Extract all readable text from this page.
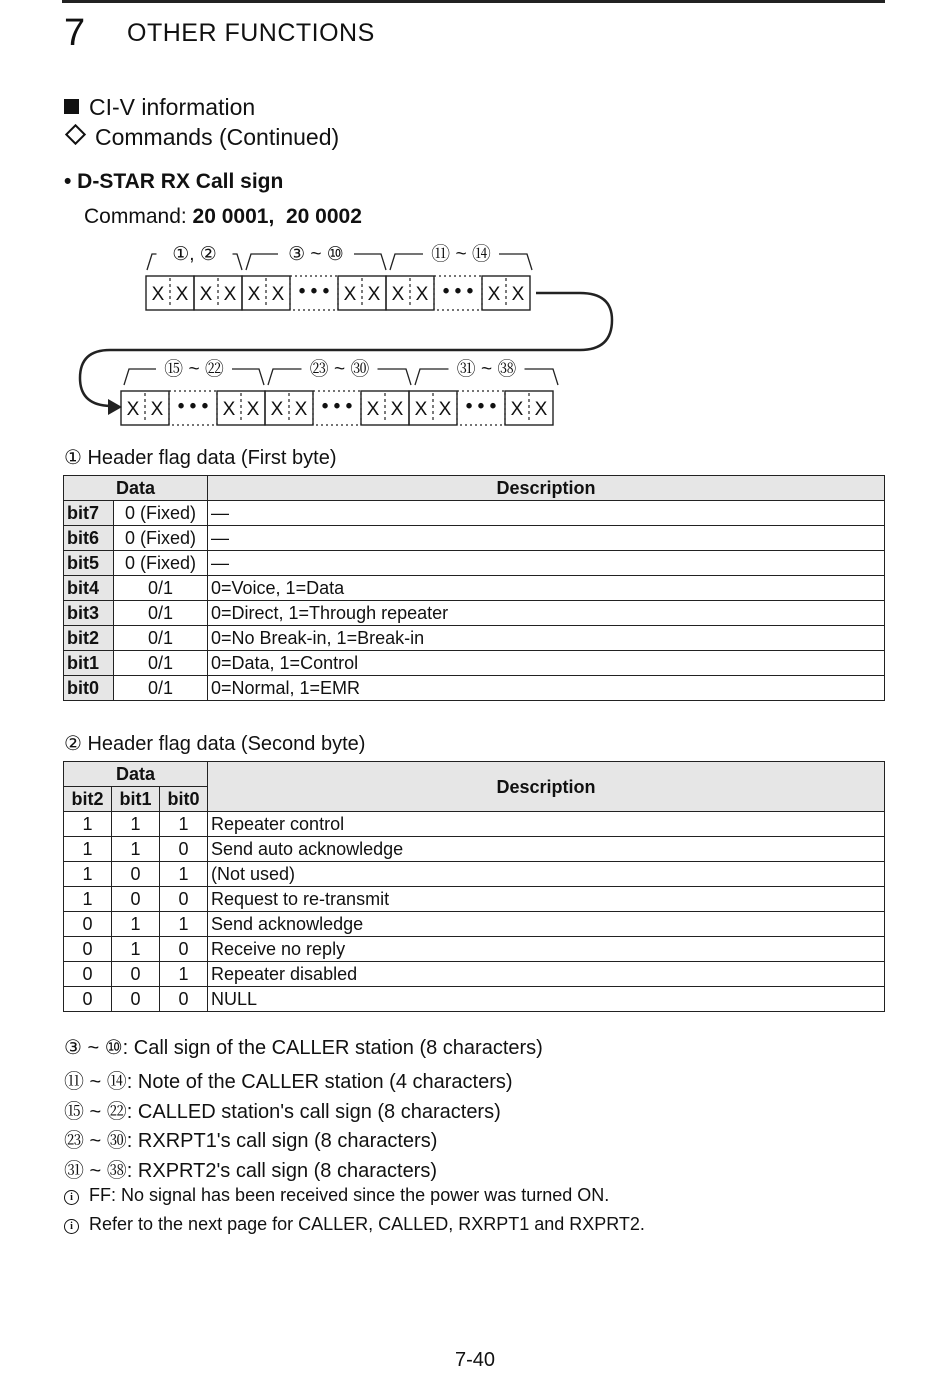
7 OTHER FUNCTIONS
CI-V information
Commands (Continued)
• D-STAR RX Call sign
Command: 20 0001, 20 0002
X X X X X X • • • X X X X • • • X X
①, ②	③ ~ ⑩	⑪ ~ ⑭
X X • • • X X X X • • • X X X X • • • X X
⑮ ~ ㉒	㉓ ~ ㉚	㉛ ~ ㊳
① Header flag data (First byte)
Data		Description
bit7	0 (Fixed)	—
bit6	0 (Fixed)	—
bit5	0 (Fixed)	—
bit4	0/1	0=Voice, 1=Data
bit3	0/1	0=Direct, 1=Through repeater
bit2	0/1	0=No Break-in, 1=Break-in
bit1	0/1	0=Data, 1=Control
bit0	0/1	0=Normal, 1=EMR
② Header flag data (Second byte)
Data			Description
bit2	bit1	bit0	
1	1	1	Repeater control
1	1	0	Send auto acknowledge
1	0	1	(Not used)
1	0	0	Request to re-transmit
0	1	1	Send acknowledge
0	1	0	Receive no reply
0	0	1	Repeater disabled
0	0	0	NULL
③ ~ ⑩: Call sign of the CALLER station (8 characters)
⑪ ~ ⑭: Note of the CALLER station (4 characters)
⑮ ~ ㉒: CALLED station's call sign (8 characters)
㉓ ~ ㉚: RXRPT1's call sign (8 characters)
㉛ ~ ㊳: RXPRT2's call sign (8 characters)
i FF: No signal has been received since the power was turned ON.
i Refer to the next page for CALLER, CALLED, RXRPT1 and RXPRT2.
7-40
